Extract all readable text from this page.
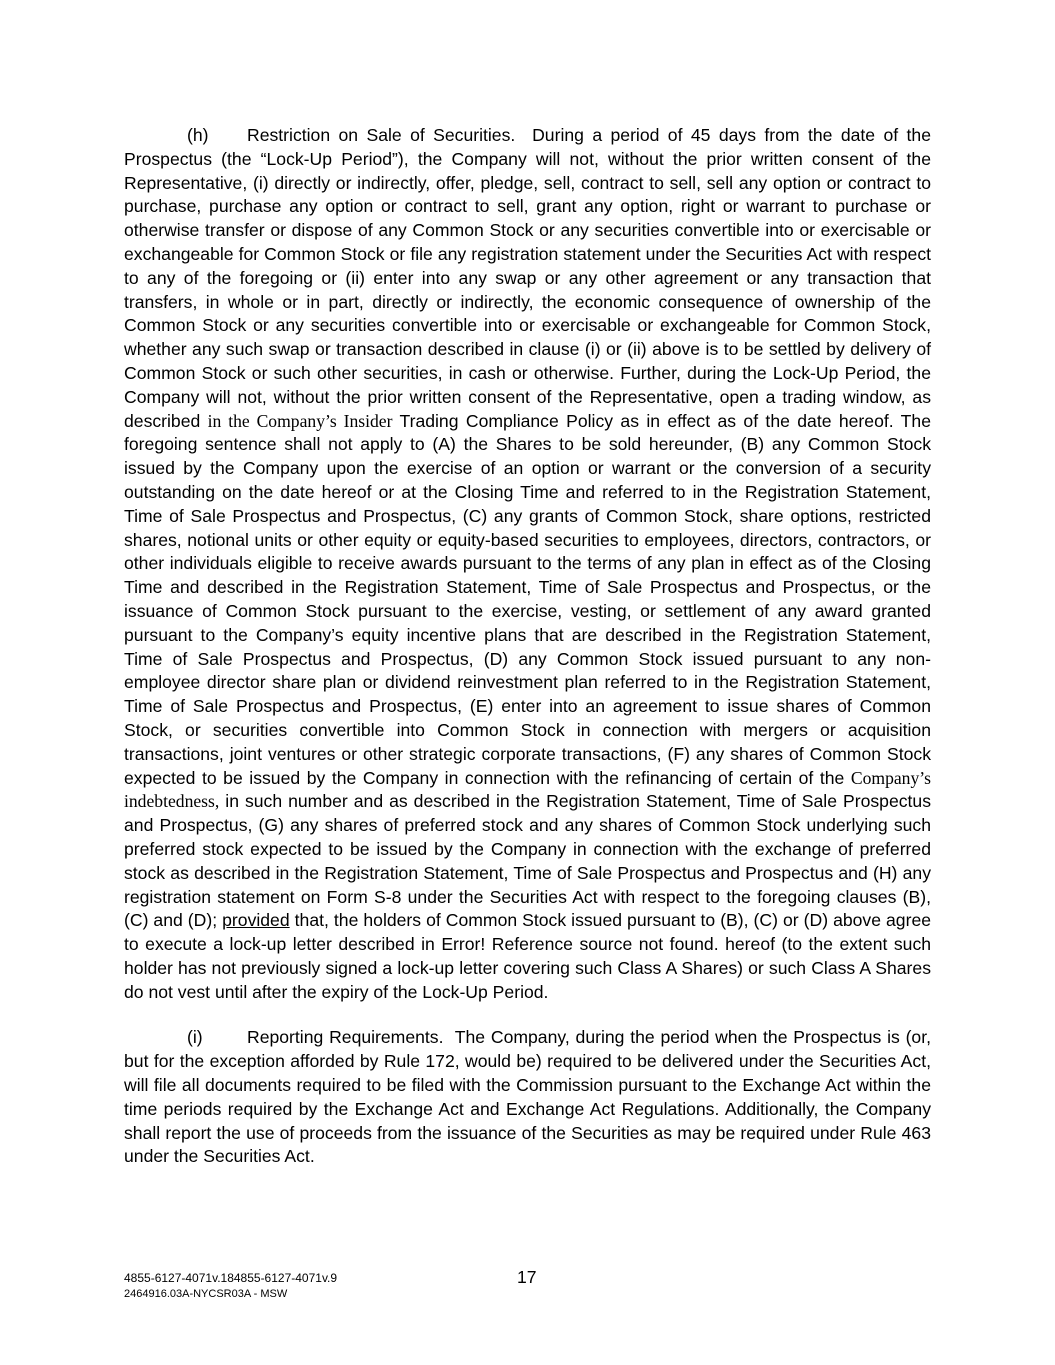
(h) Restriction on Sale of Securities. During a period of 45 days from the date of the Prospectus (the “Lock-Up Period”), the Company will not, without the prior written consent of the Representative, (i) directly or indirectly, offer, pledge, sell, contract to sell, sell any option or contract to purchase, purchase any option or contract to sell, grant any option, right or warrant to purchase or otherwise transfer or dispose of any Common Stock or any securities convertible into or exercisable or exchangeable for Common Stock or file any registration statement under the Securities Act with respect to any of the foregoing or (ii) enter into any swap or any other agreement or any transaction that transfers, in whole or in part, directly or indirectly, the economic consequence of ownership of the Common Stock or any securities convertible into or exercisable or exchangeable for Common Stock, whether any such swap or transaction described in clause (i) or (ii) above is to be settled by delivery of Common Stock or such other securities, in cash or otherwise. Further, during the Lock-Up Period, the Company will not, without the prior written consent of the Representative, open a trading window, as described in the Company’s Insider Trading Compliance Policy as in effect as of the date hereof. The foregoing sentence shall not apply to (A) the Shares to be sold hereunder, (B) any Common Stock issued by the Company upon the exercise of an option or warrant or the conversion of a security outstanding on the date hereof or at the Closing Time and referred to in the Registration Statement, Time of Sale Prospectus and Prospectus, (C) any grants of Common Stock, share options, restricted shares, notional units or other equity or equity-based securities to employees, directors, contractors, or other individuals eligible to receive awards pursuant to the terms of any plan in effect as of the Closing Time and described in the Registration Statement, Time of Sale Prospectus and Prospectus, or the issuance of Common Stock pursuant to the exercise, vesting, or settlement of any award granted pursuant to the Company’s equity incentive plans that are described in the Registration Statement, Time of Sale Prospectus and Prospectus, (D) any Common Stock issued pursuant to any non-employee director share plan or dividend reinvestment plan referred to in the Registration Statement, Time of Sale Prospectus and Prospectus, (E) enter into an agreement to issue shares of Common Stock, or securities convertible into Common Stock in connection with mergers or acquisition transactions, joint ventures or other strategic corporate transactions, (F) any shares of Common Stock expected to be issued by the Company in connection with the refinancing of certain of the Company’s indebtedness, in such number and as described in the Registration Statement, Time of Sale Prospectus and Prospectus, (G) any shares of preferred stock and any shares of Common Stock underlying such preferred stock expected to be issued by the Company in connection with the exchange of preferred stock as described in the Registration Statement, Time of Sale Prospectus and Prospectus and (H) any registration statement on Form S-8 under the Securities Act with respect to the foregoing clauses (B), (C) and (D); provided that, the holders of Common Stock issued pursuant to (B), (C) or (D) above agree to execute a lock-up letter described in Error! Reference source not found. hereof (to the extent such holder has not previously signed a lock-up letter covering such Class A Shares) or such Class A Shares do not vest until after the expiry of the Lock-Up Period.

(i)	Reporting Requirements. The Company, during the period when the Prospectus is (or, but for the exception afforded by Rule 172, would be) required to be delivered under the Securities Act, will file all documents required to be filed with the Commission pursuant to the Exchange Act within the time periods required by the Exchange Act and Exchange Act Regulations. Additionally, the Company shall report the use of proceeds from the issuance of the Securities as may be required under Rule 463 under the Securities Act.

4855-6127-4071v.184855-6127-4071v.9
2464916.03A-NYCSR03A - MSW
17
